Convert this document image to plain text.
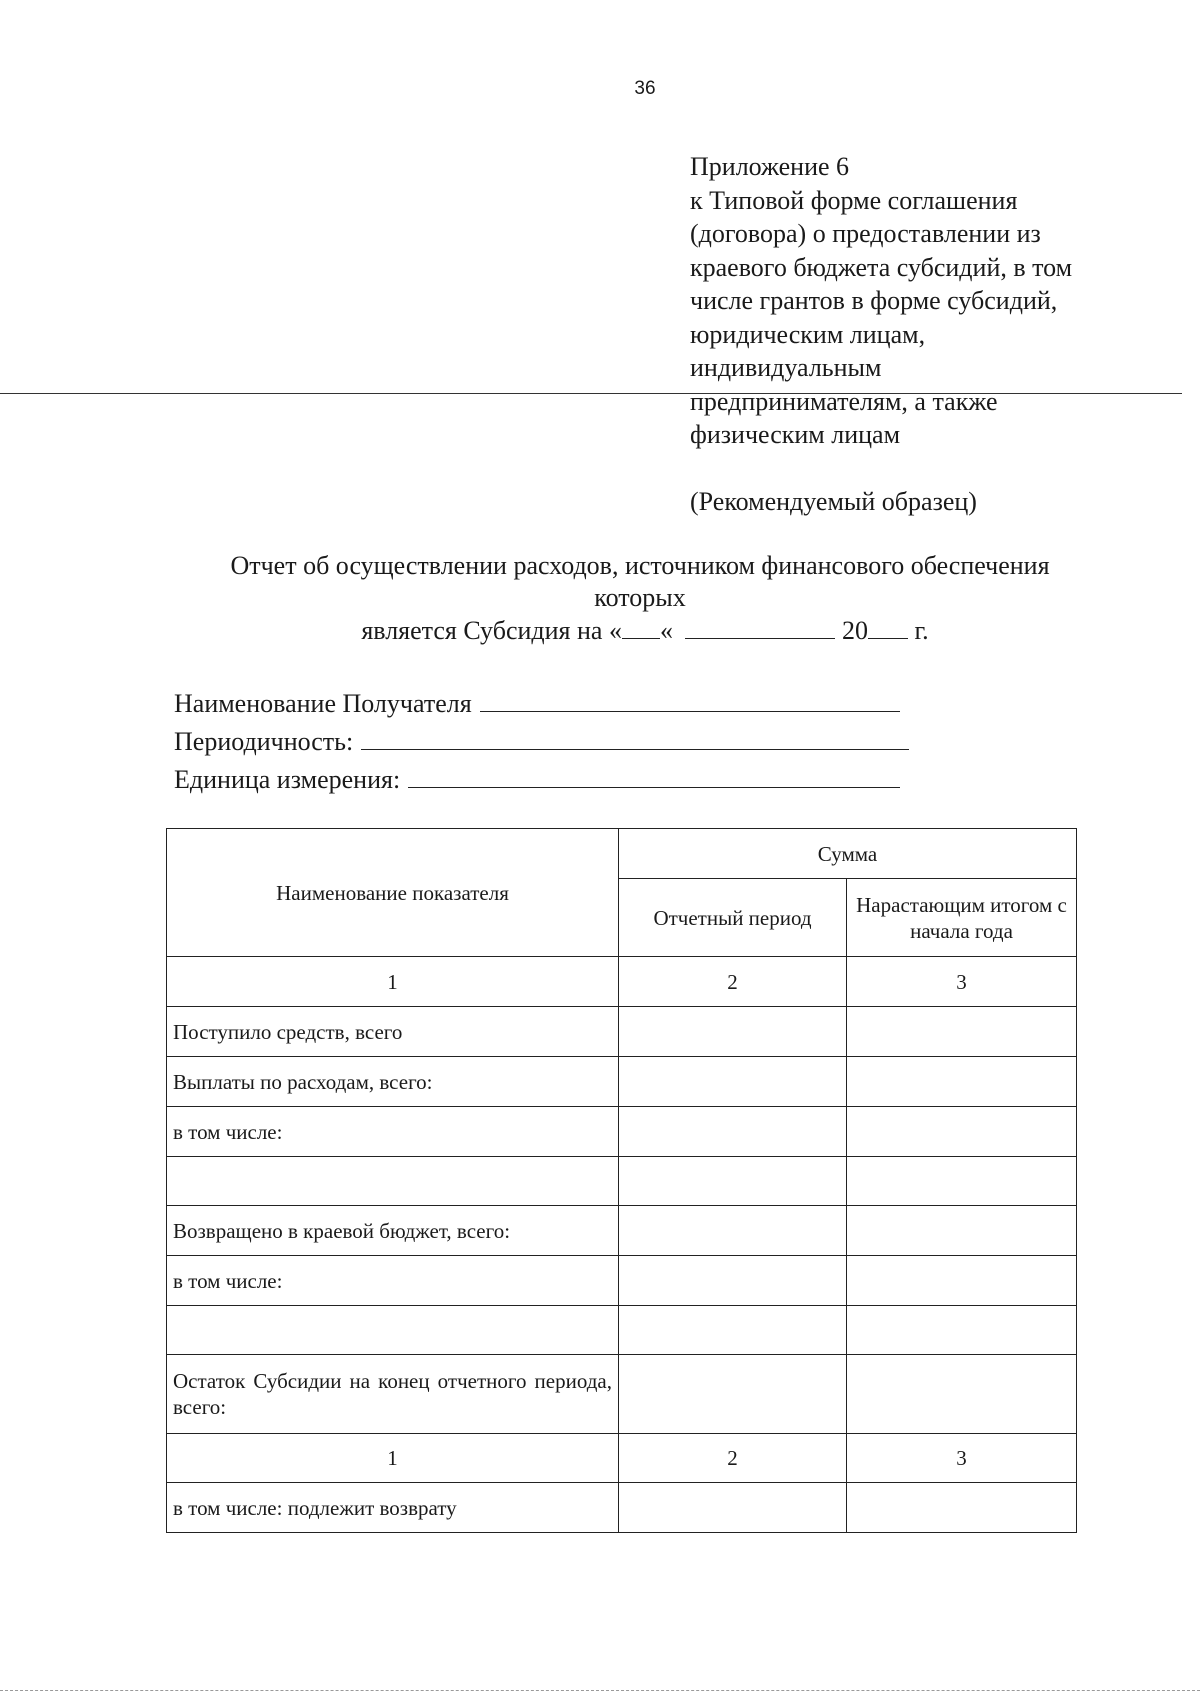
36
Приложение 6
к Типовой форме соглашения
(договора) о предоставлении из
краевого бюджета субсидий, в том
числе грантов в форме субсидий,
юридическим лицам,
индивидуальным
предпринимателям, а также
физическим лицам
(Рекомендуемый образец)
Отчет об осуществлении расходов, источником финансового обеспечения
которых
является Субсидия на « «	20 г.
Наименование Получателя
Периодичность:
Единица измерения:
Наименование показателя	Сумма	
	Отчетный период	Нарастающим итогом с начала года
1	2	3
Поступило средств, всего		
Выплаты по расходам, всего:		
в том числе:		

Возвращено в краевой бюджет, всего:		
в том числе:		

Остаток Субсидии на конец отчетного периода, всего:		
1	2	3
в том числе: подлежит возврату		
